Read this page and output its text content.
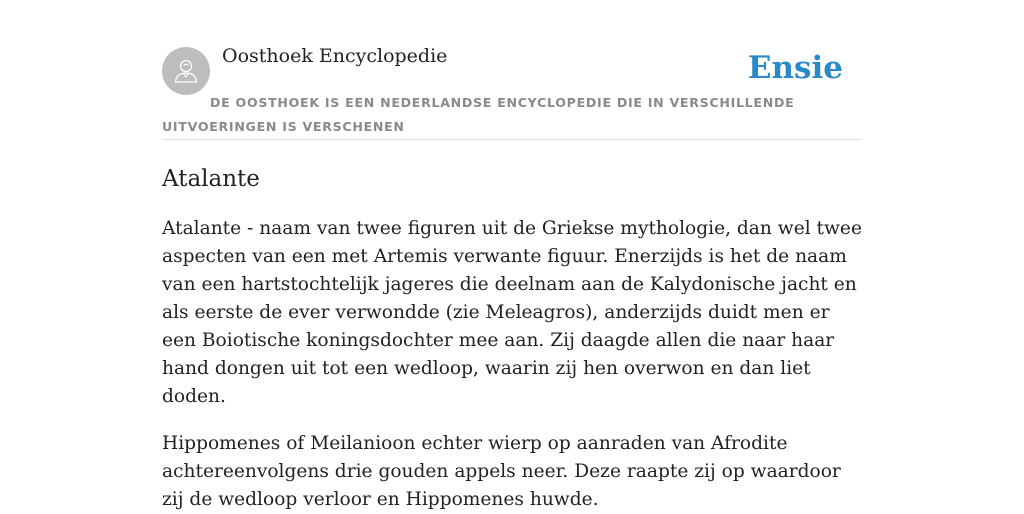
Oosthoek Encyclopedie	Ensie
DE OOSTHOEK IS EEN NEDERLANDSE ENCYCLOPEDIE DIE IN VERSCHILLENDE UITVOERINGEN IS VERSCHENEN
Atalante

Atalante - naam van twee figuren uit de Griekse mythologie, dan wel twee aspecten van een met Artemis verwante figuur. Enerzijds is het de naam van een hartstochtelijk jageres die deelnam aan de Kalydonische jacht en als eerste de ever verwondde (zie Meleagros), anderzijds duidt men er een Boiotische koningsdochter mee aan. Zij daagde allen die naar haar hand dongen uit tot een wedloop, waarin zij hen overwon en dan liet doden.

Hippomenes of Meilanioon echter wierp op aanraden van Afrodite achtereenvolgens drie gouden appels neer. Deze raapte zij op waardoor zij de wedloop verloor en Hippomenes huwde.
